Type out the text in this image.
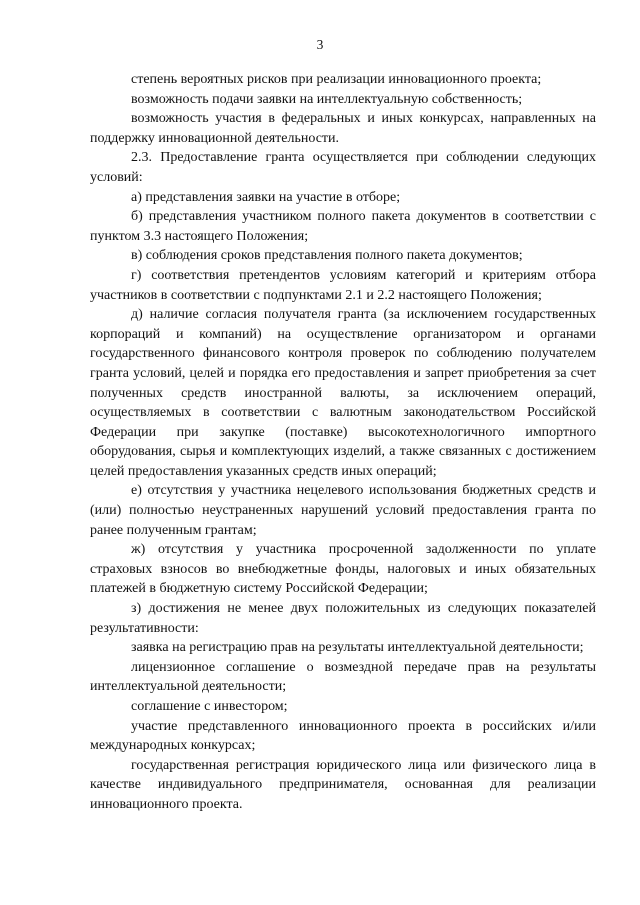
3

степень вероятных рисков при реализации инновационного проекта;

возможность подачи заявки на интеллектуальную собственность;

возможность участия в федеральных и иных конкурсах, направленных на поддержку инновационной деятельности.

2.3. Предоставление гранта осуществляется при соблюдении следующих условий:

а) представления заявки на участие в отборе;

б) представления участником полного пакета документов в соответствии с пунктом 3.3 настоящего Положения;

в) соблюдения сроков представления полного пакета документов;

г) соответствия претендентов условиям категорий и критериям отбора участников в соответствии с подпунктами 2.1 и 2.2 настоящего Положения;

д) наличие согласия получателя гранта (за исключением государственных корпораций и компаний) на осуществление организатором и органами государственного финансового контроля проверок по соблюдению получателем гранта условий, целей и порядка его предоставления и запрет приобретения за счет полученных средств иностранной валюты, за исключением операций, осуществляемых в соответствии с валютным законодательством Российской Федерации при закупке (поставке) высокотехнологичного импортного оборудования, сырья и комплектующих изделий, а также связанных с достижением целей предоставления указанных средств иных операций;

е) отсутствия у участника нецелевого использования бюджетных средств и (или) полностью неустраненных нарушений условий предоставления гранта по ранее полученным грантам;

ж) отсутствия у участника просроченной задолженности по уплате страховых взносов во внебюджетные фонды, налоговых и иных обязательных платежей в бюджетную систему Российской Федерации;

з) достижения не менее двух положительных из следующих показателей результативности:

заявка на регистрацию прав на результаты интеллектуальной деятельности;

лицензионное соглашение о возмездной передаче прав на результаты интеллектуальной деятельности;

соглашение с инвестором;

участие представленного инновационного проекта в российских и/или международных конкурсах;

государственная регистрация юридического лица или физического лица в качестве индивидуального предпринимателя, основанная для реализации инновационного проекта.
